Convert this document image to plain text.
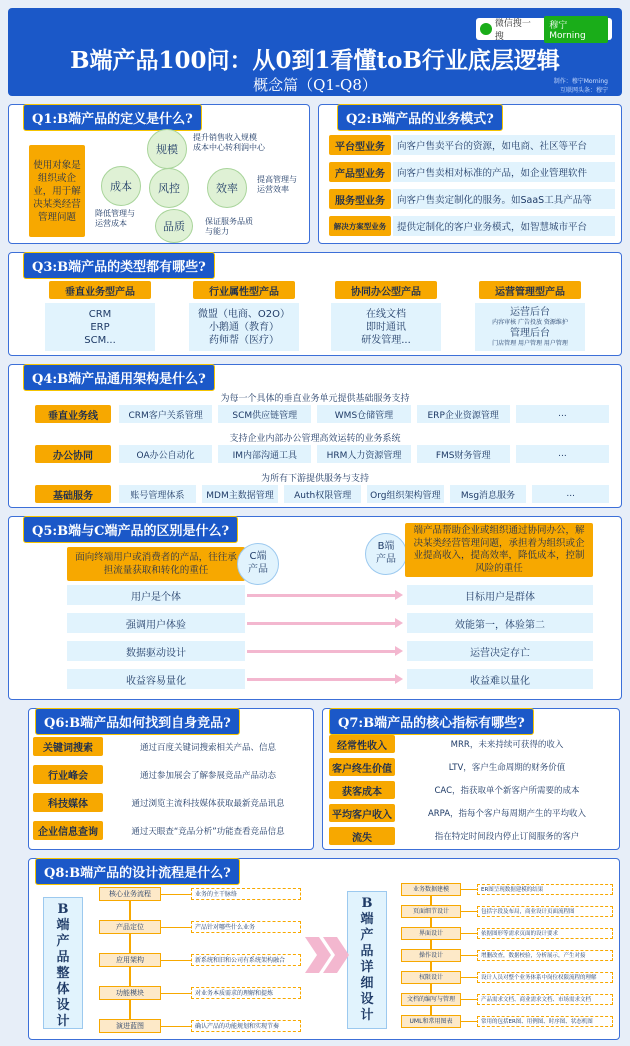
微信搜一搜
穆宁Morning
B端产品100问：从0到1看懂toB行业底层逻辑
概念篇（Q1-Q8）	制作：穆宁Morning
互联网头条：穆宁
Q1:B端产品的定义是什么?
使用对象是组织或企业，用于解决某类经营管理问题
规模
提升销售收入规模
成本中心转利润中心
成本
降低管理与
运营成本
风控	效率
提高管理与
运营效率
品质	保证服务品质
与能力
Q2:B端产品的业务模式?
平台型业务	向客户售卖平台的资源，如电商、社区等平台
产品型业务	向客户售卖相对标准的产品，如企业管理软件
服务型业务	向客户售卖定制化的服务。如SaaS工具产品等
解决方案型业务	提供定制化的客户业务模式，如智慧城市平台
Q3:B端产品的类型都有哪些?
垂直业务型产品
CRM
ERP
SCM...
行业属性型产品
微盟（电商、O2O）
小鹅通（教育）
药师帮（医疗）
协同办公型产品
在线文档
即时通讯
研发管理...
运营管理型产品
运营后台
内容审核 广告投放 资源维护
管理后台
门店管理 用户管理 用户管理
Q4:B端产品通用架构是什么?
为每一个具体的垂直业务单元提供基础服务支持
垂直业务线	CRM客户关系管理	SCM供应链管理	WMS仓储管理	ERP企业资源管理	...
支持企业内部办公管理高效运转的业务系统
办公协同	OA办公自动化	IM内部沟通工具	HRM人力资源管理	FMS财务管理	...
为所有下游提供服务与支持
基础服务	账号管理体系	MDM主数据管理	Auth权限管理	Org组织架构管理	Msg消息服务	...
Q5:B端与C端产品的区别是什么?
面向终端用户或消费者的产品，往往承担流量获取和转化的重任
C端
产品
B端
产品
端产品帮助企业或组织通过协同办公，解决某类经营管理问题，承担着为组织或企业提高收入，提高效率，降低成本，控制风险的重任
用户是个体	目标用户是群体
强调用户体验	效能第一，体验第二
数据驱动设计	运营决定存亡
收益容易量化	收益难以量化
Q6:B端产品如何找到自身竞品?
关键词搜索	通过百度关键词搜索相关产品、信息
行业峰会	通过参加展会了解参展竞品产品动态
科技媒体	通过浏览主流科技媒体获取最新竞品讯息
企业信息查询	通过天眼查“竞品分析”功能查看竞品信息
Q7:B端产品的核心指标有哪些?
经常性收入	MRR，未来持续可获得的收入
客户终生价值	LTV，客户生命周期的财务价值
获客成本	CAC，指获取单个新客户所需要的成本
平均客户收入	ARPA，指每个客户每周期产生的平均收入
流失	指在特定时间段内停止订阅服务的客户
Q8:B端产品的设计流程是什么?
B端产品整体设计
B端产品详细设计
核心业务流程	业务的主干脉络
产品定位	产品针对哪些什么业务
应用架构	新系统和旧和公司有系统架构融合
功能模块	对业务本质需求的理解和提炼
演进蓝图	确认产品的功能规划和实现节奏
业务数据建模	ER图呈现数据建模的结果
页面细节设计	包括字段及布局，商业设计页面流程图
界面设计	依据图形等需求页面的设计要求
操作设计	增删改查，数据校验，分析展示，产生对接
权限设计	设计人员对整个业务体系中岗位权限流程的理解
文档的编写与管理	产品需求文档、商业需求文档、市场需求文档
UML和常用图表	常用的包括ER图、用例图、时序图、状态机图
